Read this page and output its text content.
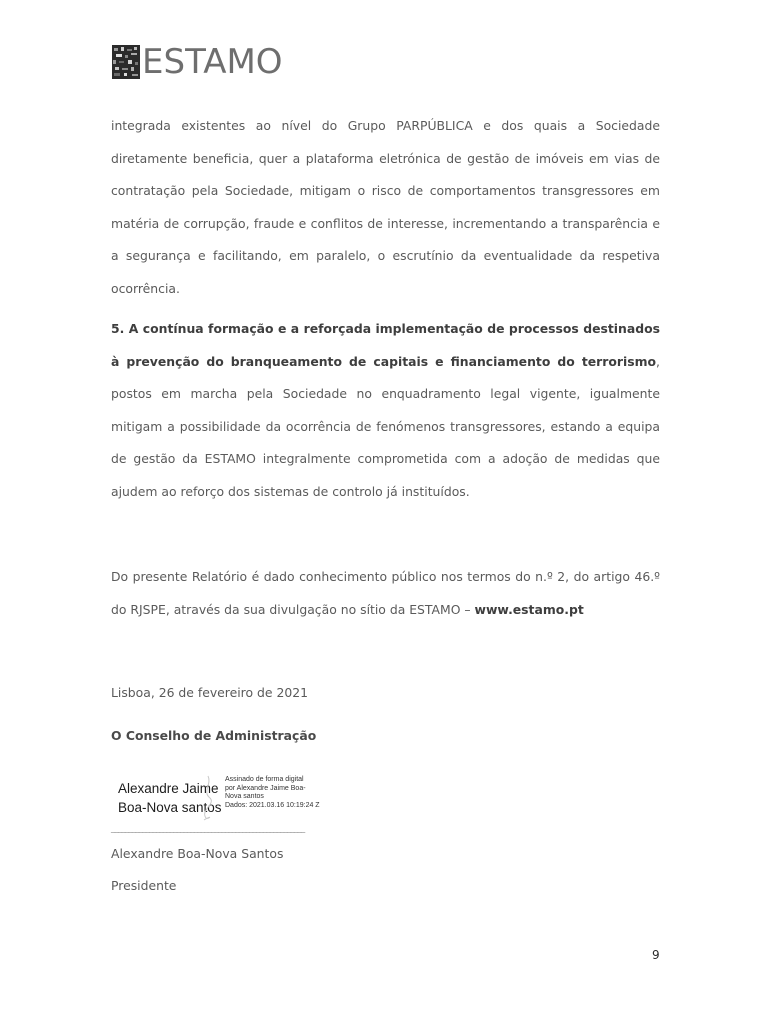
ESTAMO

integrada existentes ao nível do Grupo PARPÚBLICA e dos quais a Sociedade diretamente beneficia, quer a plataforma eletrónica de gestão de imóveis em vias de contratação pela Sociedade, mitigam o risco de comportamentos transgressores em matéria de corrupção, fraude e conflitos de interesse, incrementando a transparência e a segurança e facilitando, em paralelo, o escrutínio da eventualidade da respetiva ocorrência.

5. A contínua formação e a reforçada implementação de processos destinados à prevenção do branqueamento de capitais e financiamento do terrorismo, postos em marcha pela Sociedade no enquadramento legal vigente, igualmente mitigam a possibilidade da ocorrência de fenómenos transgressores, estando a equipa de gestão da ESTAMO integralmente comprometida com a adoção de medidas que ajudem ao reforço dos sistemas de controlo já instituídos.

Do presente Relatório é dado conhecimento público nos termos do n.º 2, do artigo 46.º do RJSPE, através da sua divulgação no sítio da ESTAMO – www.estamo.pt

Lisboa, 26 de fevereiro de 2021
O Conselho de Administração
Alexandre Jaime
Boa-Nova santos
Assinado de forma digital
por Alexandre Jaime Boa-
Nova santos
Dados: 2021.03.16 10:19:24 Z
________________________________________________________
Alexandre Boa-Nova Santos
Presidente
9
